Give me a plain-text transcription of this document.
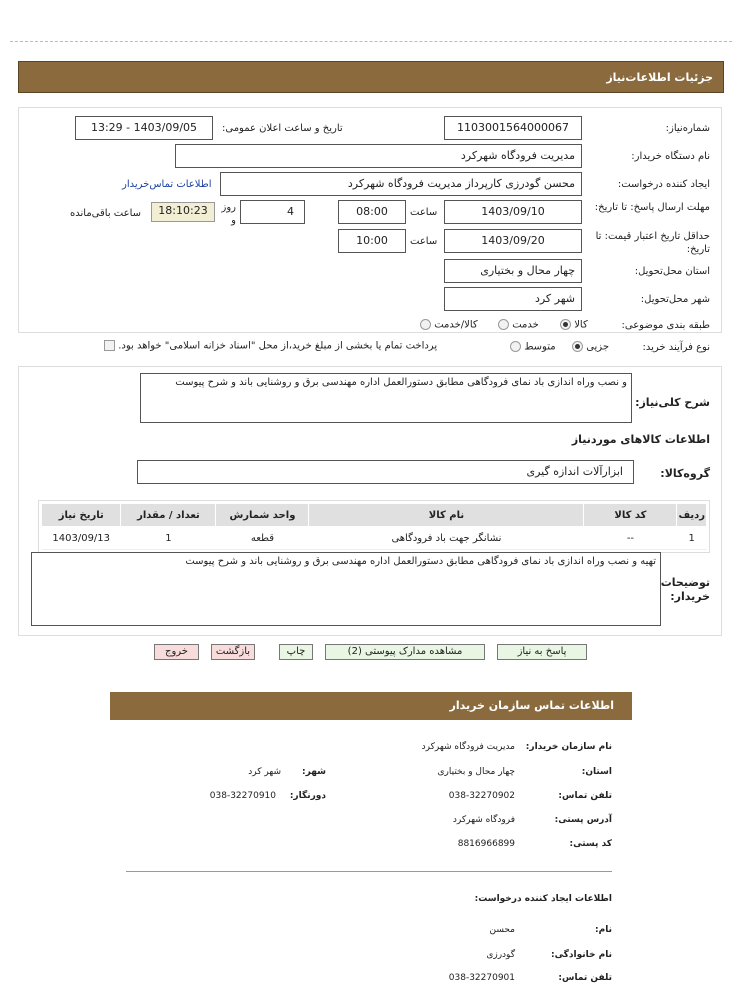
جزئیات اطلاعات‌نیاز
شماره‌نیاز:
1103001564000067
تاریخ و ساعت اعلان عمومی:
1403/09/05 - 13:29
نام دستگاه خریدار:
مدیریت فرودگاه شهرکرد
ایجاد کننده درخواست:
محسن گودرزی کارپرداز مدیریت فرودگاه شهرکرد
اطلاعات تماس‌خریدار
مهلت ارسال پاسخ: تا تاریخ:
1403/09/10
ساعت
08:00
4
روز و
18:10:23
ساعت باقی‌مانده
حداقل تاریخ اعتبار قیمت: تا تاریخ:
1403/09/20
ساعت
10:00
استان محل‌تحویل:
چهار محال و بختیاری
شهر محل‌تحویل:
شهر کرد
طبقه بندی موضوعی:
کالا
خدمت
کالا/خدمت
نوع فرآیند خرید:
جزیی
متوسط
پرداخت تمام یا بخشی از مبلغ خرید،از محل "اسناد خزانه اسلامی" خواهد بود.
شرح کلی‌نیاز:
و نصب وراه اندازی باد نمای فرودگاهی مطابق دستورالعمل اداره مهندسی برق و روشنایی باند و شرح پیوست
اطلاعات کالاهای موردنیاز
گروه‌کالا:
ابزارآلات اندازه گیری
ردیف	کد کالا	نام کالا	واحد شمارش	تعداد / مقدار	تاریخ نیاز
1	--	نشانگر جهت باد فرودگاهی	قطعه	1	1403/09/13
توضیحات خریدار:
تهیه و نصب وراه اندازی باد نمای فرودگاهی مطابق دستورالعمل اداره مهندسی برق و روشنایی باند و شرح پیوست
پاسخ به نیاز
مشاهده مدارک پیوستی (2)
چاپ
بازگشت
خروج
اطلاعات تماس سازمان خریدار
نام سازمان خریدار:
مدیریت فرودگاه شهرکرد
استان:
چهار محال و بختیاری
شهر:
شهر کرد
تلفن تماس:
038-32270902
دورنگار:
038-32270910
آدرس پستی:
فرودگاه شهرکرد
کد پستی:
8816966899
اطلاعات ایجاد کننده درخواست:
نام:
محسن
نام خانوادگی:
گودرزی
تلفن تماس:
038-32270901
